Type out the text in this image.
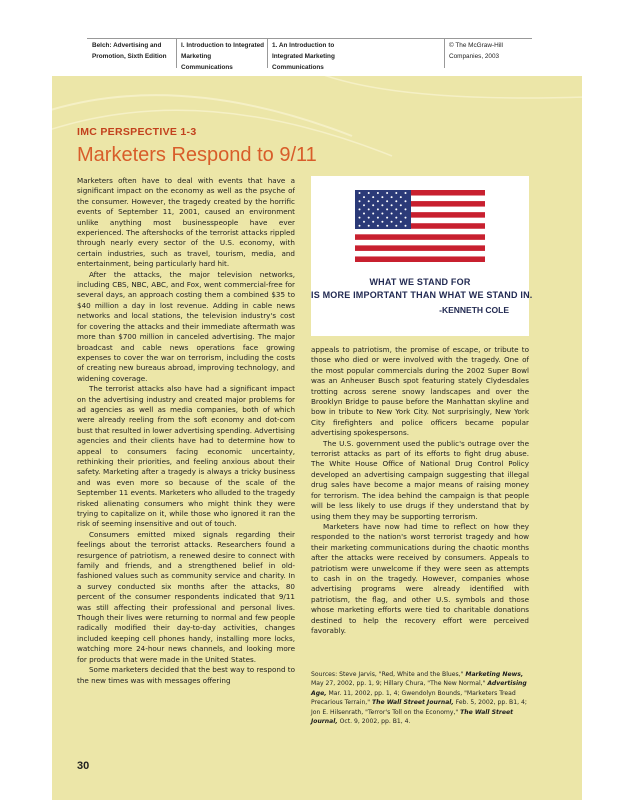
Belch: Advertising and
Promotion, Sixth Edition
I. Introduction to Integrated
Marketing
Communications
1. An Introduction to
Integrated Marketing
Communications
© The McGraw-Hill
Companies, 2003
IMC PERSPECTIVE 1-3
Marketers Respond to 9/11

Marketers often have to deal with events that have a significant impact on the economy as well as the psyche of the consumer. However, the tragedy created by the horrific events of September 11, 2001, caused an environment unlike anything most businesspeople have ever experienced. The aftershocks of the terrorist attacks rippled through nearly every sector of the U.S. economy, with certain industries, such as travel, tourism, media, and entertainment, being particularly hard hit.

After the attacks, the major television networks, including CBS, NBC, ABC, and Fox, went commercial-free for several days, an approach costing them a combined $35 to $40 million a day in lost revenue. Adding in cable news networks and local stations, the television industry's cost for covering the attacks and their immediate aftermath was more than $700 million in canceled advertising. The major broadcast and cable news operations face growing expenses to cover the war on terrorism, including the costs of creating new bureaus abroad, improving technology, and widening coverage.

The terrorist attacks also have had a significant impact on the advertising industry and created major problems for ad agencies as well as media companies, both of which were already reeling from the soft economy and dot-com bust that resulted in lower advertising spending. Advertising agencies and their clients have had to determine how to appeal to consumers facing economic uncertainty, rethinking their priorities, and feeling anxious about their safety. Marketing after a tragedy is always a tricky business and was even more so because of the scale of the September 11 events. Marketers who alluded to the tragedy risked alienating consumers who might think they were trying to capitalize on it, while those who ignored it ran the risk of seeming insensitive and out of touch.

Consumers emitted mixed signals regarding their feelings about the terrorist attacks. Researchers found a resurgence of patriotism, a renewed desire to connect with family and friends, and a strengthened belief in old-fashioned values such as community service and charity. In a survey conducted six months after the attacks, 80 percent of the consumer respondents indicated that 9/11 was still affecting their professional and personal lives. Though their lives were returning to normal and few people radically modified their day-to-day activities, changes included keeping cell phones handy, installing more locks, watching more 24-hour news channels, and looking more for products that were made in the United States.

Some marketers decided that the best way to respond to the new times was with messages offering

WHAT WE STAND FOR
IS MORE IMPORTANT THAN WHAT WE STAND IN.
-KENNETH COLE

appeals to patriotism, the promise of escape, or tribute to those who died or were involved with the tragedy. One of the most popular commercials during the 2002 Super Bowl was an Anheuser Busch spot featuring stately Clydesdales trotting across serene snowy landscapes and over the Brooklyn Bridge to pause before the Manhattan skyline and bow in tribute to New York City. Not surprisingly, New York City firefighters and police officers became popular advertising spokespersons.

The U.S. government used the public's outrage over the terrorist attacks as part of its efforts to fight drug abuse. The White House Office of National Drug Control Policy developed an advertising campaign suggesting that illegal drug sales have become a major means of raising money for terrorism. The idea behind the campaign is that people will be less likely to use drugs if they understand that by using them they may be supporting terrorism.

Marketers have now had time to reflect on how they responded to the nation's worst terrorist tragedy and how their marketing communications during the chaotic months after the attacks were received by consumers. Appeals to patriotism were unwelcome if they were seen as attempts to cash in on the tragedy. However, companies whose advertising programs were already identified with patriotism, the flag, and other U.S. symbols and those whose marketing efforts were tied to charitable donations destined to help the recovery effort were perceived favorably.

Sources: Steve Jarvis, "Red, White and the Blues," Marketing News, May 27, 2002, pp. 1, 9; Hillary Chura, "The New Normal," Advertising Age, Mar. 11, 2002, pp. 1, 4; Gwendolyn Bounds, "Marketers Tread Precarious Terrain," The Wall Street Journal, Feb. 5, 2002, pp. B1, 4; Jon E. Hilsenrath, "Terror's Toll on the Economy," The Wall Street Journal, Oct. 9, 2002, pp. B1, 4.
30
